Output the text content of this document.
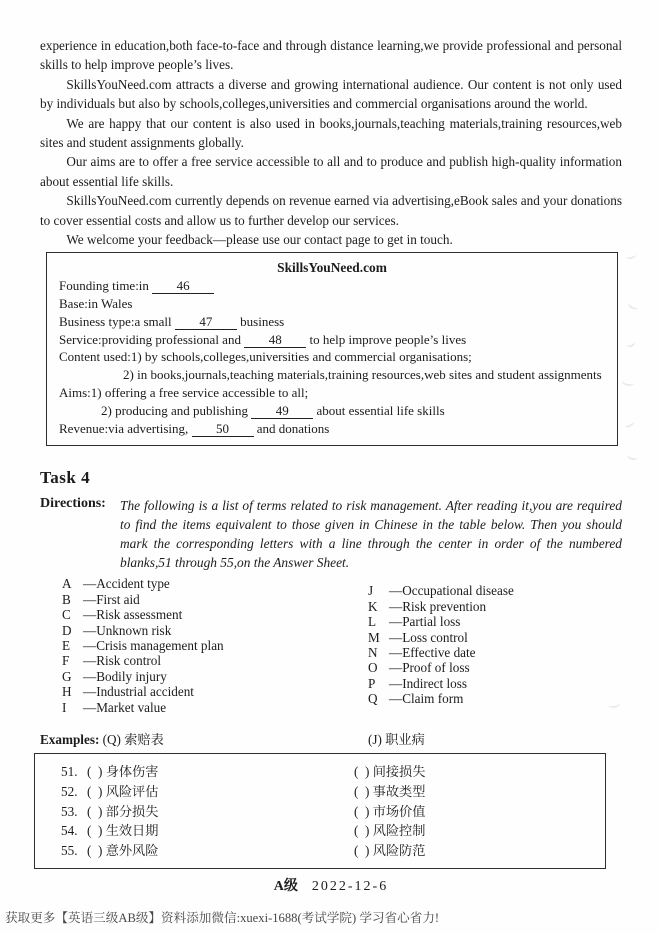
experience in education,both face-to-face and through distance learning,we provide professional and personal skills to help improve people’s lives.

SkillsYouNeed.com attracts a diverse and growing international audience. Our content is not only used by individuals but also by schools,colleges,universities and commercial organisations around the world.

We are happy that our content is also used in books,journals,teaching materials,training resources,web sites and student assignments globally.

Our aims are to offer a free service accessible to all and to produce and publish high-quality information about essential life skills.

SkillsYouNeed.com currently depends on revenue earned via advertising,eBook sales and your donations to cover essential costs and allow us to further develop our services.

We welcome your feedback—please use our contact page to get in touch.

SkillsYouNeed.com
Founding time:in 46
Base:in Wales
Business type:a small 47 business
Service:providing professional and 48 to help improve people’s lives
Content used:1) by schools,colleges,universities and commercial organisations;
2) in books,journals,teaching materials,training resources,web sites and student assignments
Aims:1) offering a free service accessible to all;
2) producing and publishing 49 about essential life skills
Revenue:via advertising, 50 and donations
Task 4
Directions:	The following is a list of terms related to risk management. After reading it,you are required to find the items equivalent to those given in Chinese in the table below. Then you should mark the corresponding letters with a line through the center in order of the numbered blanks,51 through 55,on the Answer Sheet.
A —Accident type
B —First aid
C —Risk assessment
D —Unknown risk
E —Crisis management plan
F —Risk control
G —Bodily injury
H —Industrial accident
I —Market value
J —Occupational disease
K —Risk prevention
L —Partial loss
M —Loss control
N —Effective date
O —Proof of loss
P —Indirect loss
Q —Claim form
Examples: (Q) 索赔表	(J) 职业病
51. (  ) 身体伤害	(  ) 间接损失
52. (  ) 风险评估	(  ) 事故类型
53. (  ) 部分损失	(  ) 市场价值
54. (  ) 生效日期	(  ) 风险控制
55. (  ) 意外风险	(  ) 风险防范
A级 2022-12-6
获取更多【英语三级AB级】资料添加微信:xuexi-1688(考试学院) 学习省心省力!
